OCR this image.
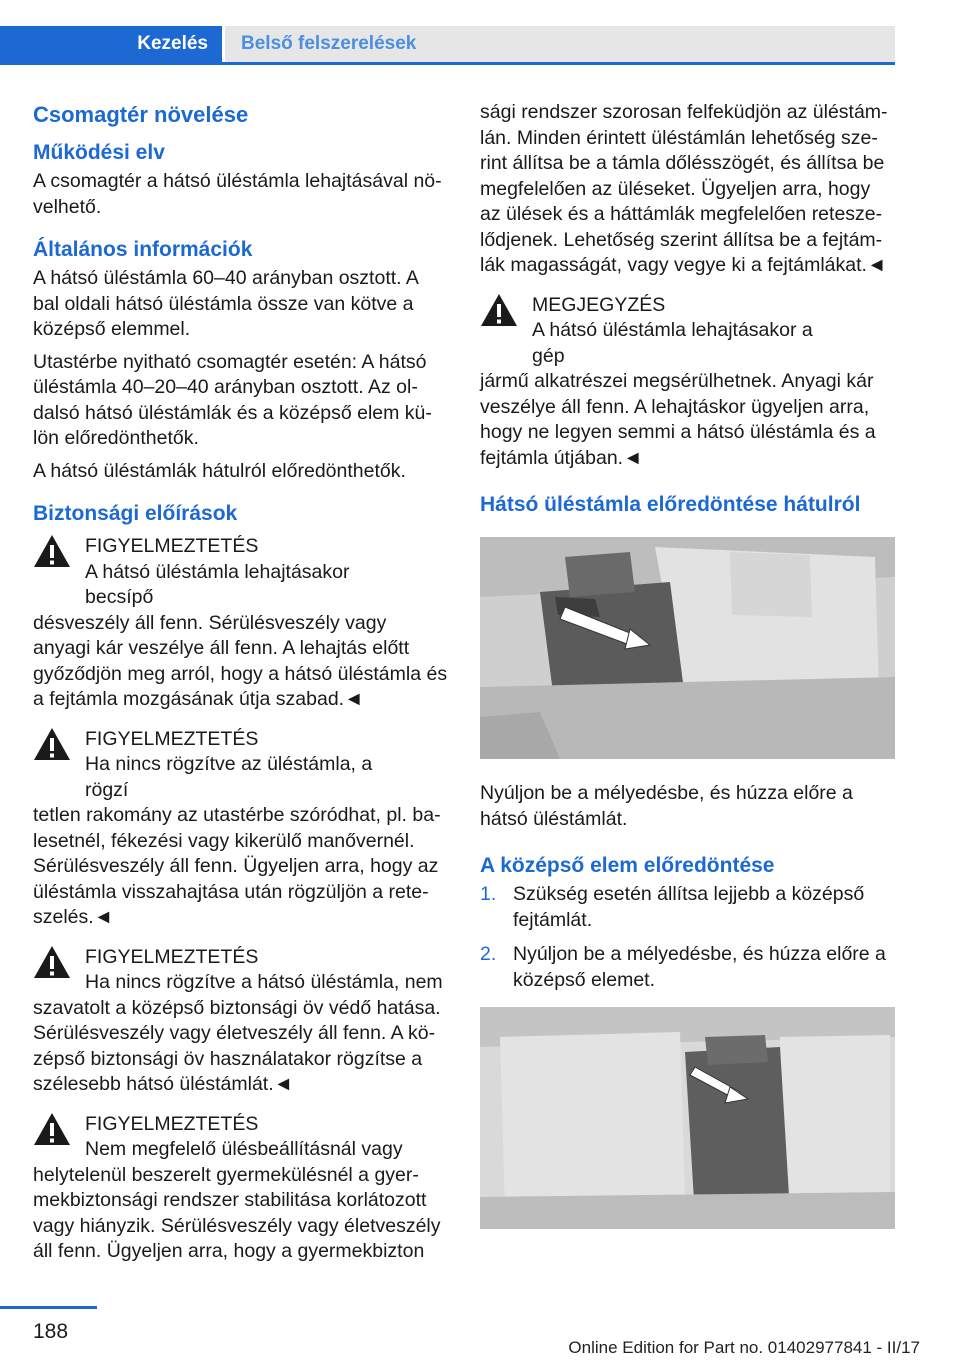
Kezelés	Belső felszerelések
Csomagtér növelése
Működési elv

A csomagtér a hátsó üléstámla lehajtásával növelhető.

Általános információk

A hátsó üléstámla 60–40 arányban osztott. A bal oldali hátsó üléstámla össze van kötve a középső elemmel.

Utastérbe nyitható csomagtér esetén: A hátsó üléstámla 40–20–40 arányban osztott. Az oldalsó hátsó üléstámlák és a középső elem külön előredönthetők.

A hátsó üléstámlák hátulról előredönthetők.

Biztonsági előírások
FIGYELMEZTETÉS
A hátsó üléstámla lehajtásakor becsípő
désveszély áll fenn. Sérülésveszély vagy anyagi kár veszélye áll fenn. A lehajtás előtt győződjön meg arról, hogy a hátsó üléstámla és a fejtámla mozgásának útja szabad.◄
FIGYELMEZTETÉS
Ha nincs rögzítve az üléstámla, a rögzí
tetlen rakomány az utastérbe szóródhat, pl. balesetnél, fékezési vagy kikerülő manővernél. Sérülésveszély áll fenn. Ügyeljen arra, hogy az üléstámla visszahajtása után rögzüljön a reteszelés.◄
FIGYELMEZTETÉS
Ha nincs rögzítve a hátsó üléstámla, nem
szavatolt a középső biztonsági öv védő hatása. Sérülésveszély vagy életveszély áll fenn. A középső biztonsági öv használatakor rögzítse a szélesebb hátsó üléstámlát.◄
FIGYELMEZTETÉS
Nem megfelelő ülésbeállításnál vagy
helytelenül beszerelt gyermekülésnél a gyermekbiztonsági rendszer stabilitása korlátozott vagy hiányzik. Sérülésveszély vagy életveszély áll fenn. Ügyeljen arra, hogy a gyermekbizton

sági rendszer szorosan felfeküdjön az üléstámlán. Minden érintett üléstámlán lehetőség szerint állítsa be a támla dőlésszögét, és állítsa be megfelelően az üléseket. Ügyeljen arra, hogy az ülések és a háttámlák megfelelően reteszelődjenek. Lehetőség szerint állítsa be a fejtámlák magasságát, vagy vegye ki a fejtámlákat.◄

MEGJEGYZÉS
A hátsó üléstámla lehajtásakor a gép
jármű alkatrészei megsérülhetnek. Anyagi kár veszélye áll fenn. A lehajtáskor ügyeljen arra, hogy ne legyen semmi a hátsó üléstámla és a fejtámla útjában.◄
Hátsó üléstámla előredöntése hátulról

Nyúljon be a mélyedésbe, és húzza előre a hátsó üléstámlát.

A középső elem előredöntése
1. Szükség esetén állítsa lejjebb a középső fejtámlát.
2. Nyúljon be a mélyedésbe, és húzza előre a középső elemet.
188
Online Edition for Part no. 01402977841 - II/17
